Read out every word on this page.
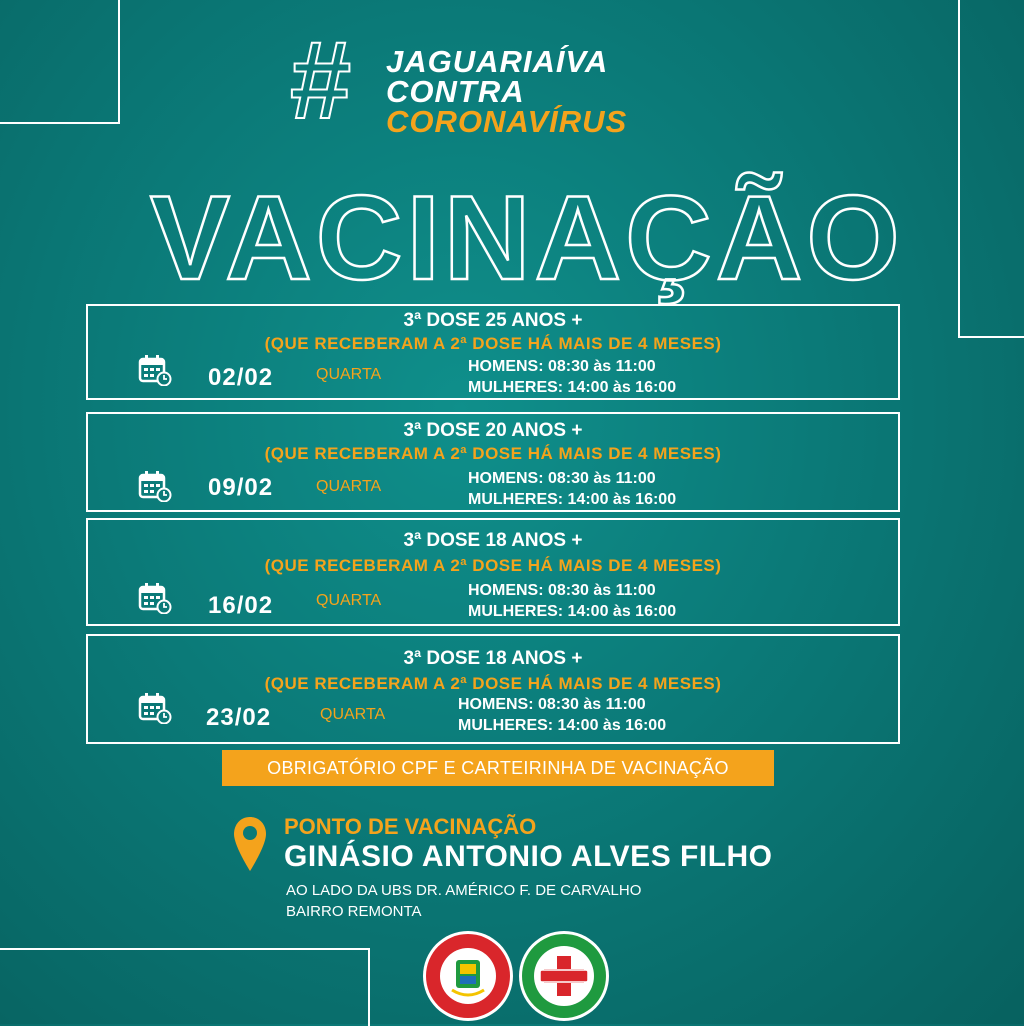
# JAGUARIAÍVA
CONTRA
CORONAVÍRUS
VACINAÇÃO
3ª DOSE 25 ANOS +
(QUE RECEBERAM A 2ª DOSE HÁ MAIS DE 4 MESES)
02/02	QUARTA	HOMENS: 08:30 às 11:00
MULHERES: 14:00 às 16:00
3ª DOSE 20 ANOS +
(QUE RECEBERAM A 2ª DOSE HÁ MAIS DE 4 MESES)
09/02	QUARTA	HOMENS: 08:30 às 11:00
MULHERES: 14:00 às 16:00
3ª DOSE 18 ANOS +
(QUE RECEBERAM A 2ª DOSE HÁ MAIS DE 4 MESES)
16/02	QUARTA
HOMENS: 08:30 às 11:00
MULHERES: 14:00 às 16:00
3ª DOSE 18 ANOS +
(QUE RECEBERAM A 2ª DOSE HÁ MAIS DE 4 MESES)
23/02	QUARTA
HOMENS: 08:30 às 11:00
MULHERES: 14:00 às 16:00
OBRIGATÓRIO CPF E CARTEIRINHA DE VACINAÇÃO
PONTO DE VACINAÇÃO
GINÁSIO ANTONIO ALVES FILHO
AO LADO DA UBS DR. AMÉRICO F. DE CARVALHO
BAIRRO REMONTA
